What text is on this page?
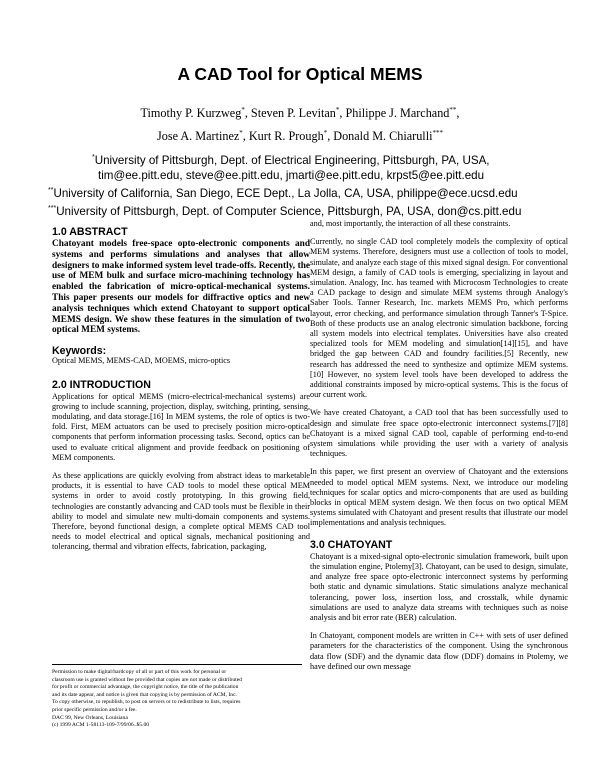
A CAD Tool for Optical MEMS
Timothy P. Kurzweg*, Steven P. Levitan*, Philippe J. Marchand**,
Jose A. Martinez*, Kurt R. Prough*, Donald M. Chiarulli***
*University of Pittsburgh, Dept. of Electrical Engineering, Pittsburgh, PA, USA,
tim@ee.pitt.edu, steve@ee.pitt.edu, jmarti@ee.pitt.edu, krpst5@ee.pitt.edu
**University of California, San Diego, ECE Dept., La Jolla, CA, USA, philippe@ece.ucsd.edu
***University of Pittsburgh, Dept. of Computer Science, Pittsburgh, PA, USA, don@cs.pitt.edu
1.0 ABSTRACT

Chatoyant models free-space opto-electronic components and systems and performs simulations and analyses that allow designers to make informed system level trade-offs. Recently, the use of MEM bulk and surface micro-machining technology has enabled the fabrication of micro-optical-mechanical systems. This paper presents our models for diffractive optics and new analysis techniques which extend Chatoyant to support optical MEMS design. We show these features in the simulation of two optical MEM systems.

Keywords:

Optical MEMS, MEMS-CAD, MOEMS, micro-optics

2.0 INTRODUCTION

Applications for optical MEMS (micro-electrical-mechanical systems) are growing to include scanning, projection, display, switching, printing, sensing, modulating, and data storage.[16] In MEM systems, the role of optics is two-fold. First, MEM actuators can be used to precisely position micro-optical components that perform information processing tasks. Second, optics can be used to evaluate critical alignment and provide feedback on positioning of MEM components.

As these applications are quickly evolving from abstract ideas to marketable products, it is essential to have CAD tools to model these optical MEM systems in order to avoid costly prototyping. In this growing field, technologies are constantly advancing and CAD tools must be flexible in their ability to model and simulate new multi-domain components and systems. Therefore, beyond functional design, a complete optical MEMS CAD tool needs to model electrical and optical signals, mechanical positioning and tolerancing, thermal and vibration effects, fabrication, packaging,

and, most importantly, the interaction of all these constraints.

Currently, no single CAD tool completely models the complexity of optical MEM systems. Therefore, designers must use a collection of tools to model, simulate, and analyze each stage of this mixed signal design. For conventional MEM design, a family of CAD tools is emerging, specializing in layout and simulation. Analogy, Inc. has teamed with Microcosm Technologies to create a CAD package to design and simulate MEM systems through Analogy's Saber Tools. Tanner Research, Inc. markets MEMS Pro, which performs layout, error checking, and performance simulation through Tanner's T-Spice. Both of these products use an analog electronic simulation backbone, forcing all system models into electrical templates. Universities have also created specialized tools for MEM modeling and simulation[14][15], and have bridged the gap between CAD and foundry facilities.[5] Recently, new research has addressed the need to synthesize and optimize MEM systems.[10] However, no system level tools have been developed to address the additional constraints imposed by micro-optical systems. This is the focus of our current work.

We have created Chatoyant, a CAD tool that has been successfully used to design and simulate free space opto-electronic interconnect systems.[7][8] Chatoyant is a mixed signal CAD tool, capable of performing end-to-end system simulations while providing the user with a variety of analysis techniques.

In this paper, we first present an overview of Chatoyant and the extensions needed to model optical MEM systems. Next, we introduce our modeling techniques for scalar optics and micro-components that are used as building blocks in optical MEM system design. We then focus on two optical MEM systems simulated with Chatoyant and present results that illustrate our model implementations and analysis techniques.

3.0 CHATOYANT

Chatoyant is a mixed-signal opto-electronic simulation framework, built upon the simulation engine, Ptolemy[3]. Chatoyant, can be used to design, simulate, and analyze free space opto-electronic interconnect systems by performing both static and dynamic simulations. Static simulations analyze mechanical tolerancing, power loss, insertion loss, and crosstalk, while dynamic simulations are used to analyze data streams with techniques such as noise analysis and bit error rate (BER) calculation.

In Chatoyant, component models are written in C++ with sets of user defined parameters for the characteristics of the component. Using the synchronous data flow (SDF) and the dynamic data flow (DDF) domains in Ptolemy, we have defined our own message

Permission to make digital/hardcopy of all or part of this work for personal or
classroom use is granted without fee provided that copies are not made or distributed
for profit or commercial advantage, the copyright notice, the title of the publication
and its date appear, and notice is given that copying is by permission of ACM, Inc.
To copy otherwise, to republish, to post on servers or to redistribute to lists, requires
prior specific permission and/or a fee.
DAC 99, New Orleans, Louisiana
(c) 1999 ACM 1-58113-109-7/99/06..$5.00
